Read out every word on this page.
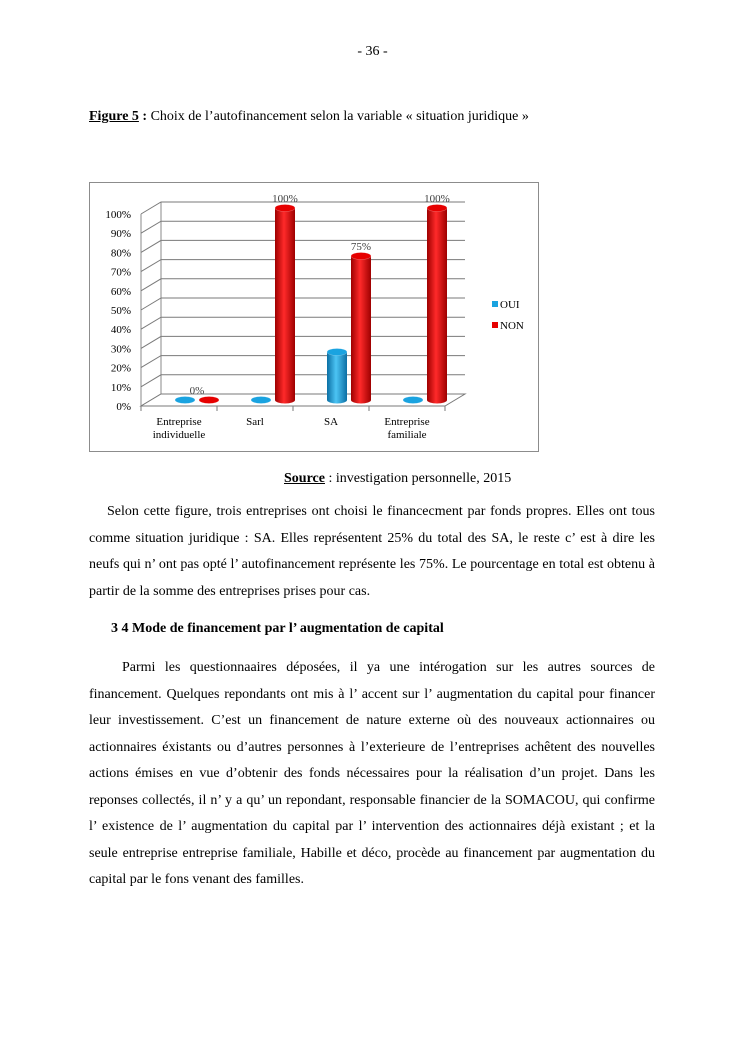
- 36 -
Figure 5 : Choix de l’autofinancement selon la variable « situation juridique »
0%
10%
20%
30%
40%
50%
60%
70%
80%
90%
100%
0%
100%
75%
100%
Entreprise
individuelle
Sarl	SA	Entreprise
familiale
OUI
NON
Source : investigation personnelle, 2015

Selon cette figure, trois entreprises ont choisi le financecment par fonds propres. Elles ont tous comme situation juridique : SA. Elles représentent 25% du total des SA, le reste c’ est à dire les neufs qui n’ ont pas opté l’ autofinancement représente les 75%. Le pourcentage en total est obtenu à partir de la somme des entreprises prises pour cas.

3 4 Mode de financement par l’ augmentation de capital

Parmi les questionnaaires déposées, il ya une intérogation sur les autres sources de financement. Quelques repondants ont mis à l’ accent sur l’ augmentation du capital pour financer leur investissement. C’est un financement de nature externe où des nouveaux actionnaires ou actionnaires éxistants ou d’autres personnes à l’exterieure de l’entreprises achêtent des nouvelles actions émises en vue d’obtenir des fonds nécessaires pour la réalisation d’un projet. Dans les reponses collectés, il n’ y a qu’ un repondant, responsable financier de la SOMACOU, qui confirme l’ existence de l’ augmentation du capital par l’ intervention des actionnaires déjà existant ; et la seule entreprise entreprise familiale, Habille et déco, procède au financement par augmentation du capital par le fons venant des familles.
